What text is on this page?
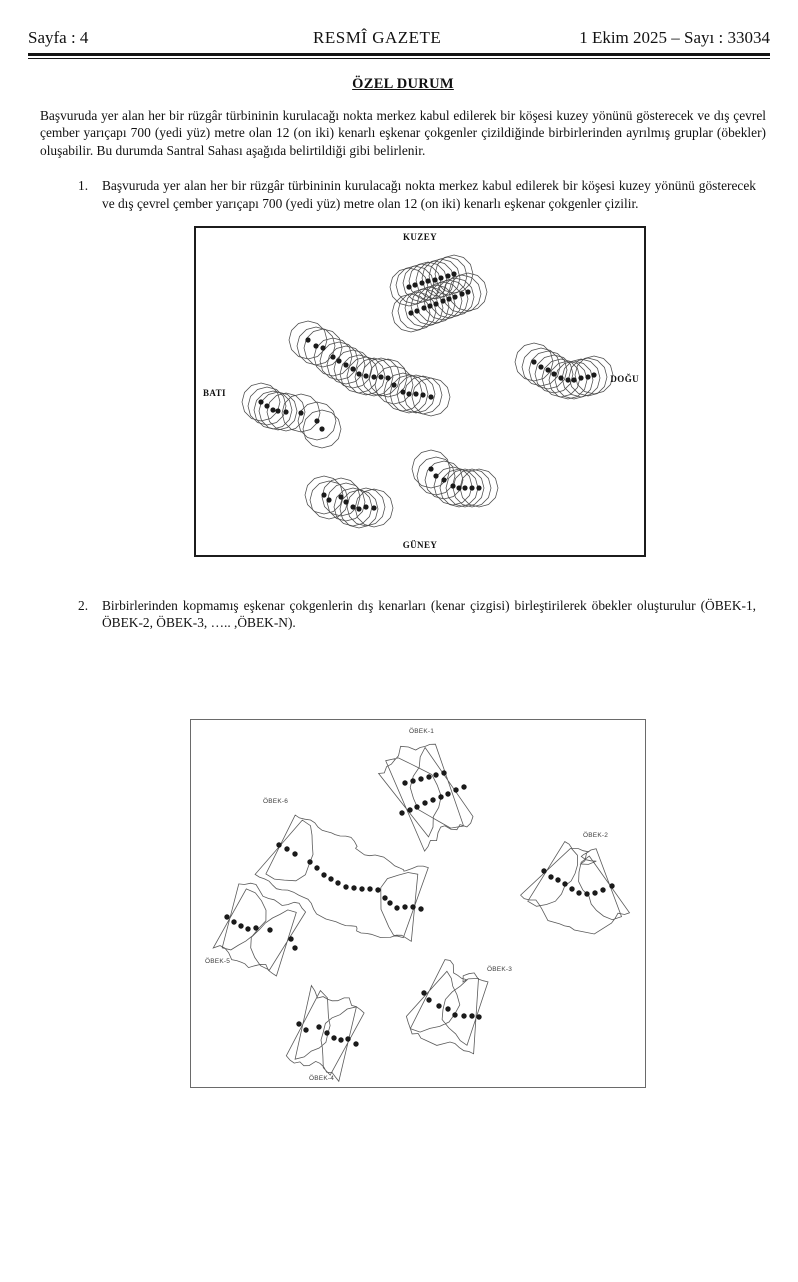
Sayfa : 4	RESMÎ GAZETE	1 Ekim 2025 – Sayı : 33034
ÖZEL DURUM

Başvuruda yer alan her bir rüzgâr türbininin kurulacağı nokta merkez kabul edilerek bir köşesi kuzey yönünü gösterecek ve dış çevrel çember yarıçapı 700 (yedi yüz) metre olan 12 (on iki) kenarlı eşkenar çokgenler çizildiğinde birbirlerinden ayrılmış gruplar (öbekler) oluşabilir. Bu durumda Santral Sahası aşağıda belirtildiği gibi belirlenir.

1.	Başvuruda yer alan her bir rüzgâr türbininin kurulacağı nokta merkez kabul edilerek bir köşesi kuzey yönünü gösterecek ve dış çevrel çember yarıçapı 700 (yedi yüz) metre olan 12 (on iki) kenarlı eşkenar çokgenler çizilir.
KUZEY
BATI
DOĞU
GÜNEY
2.	Birbirlerinden kopmamış eşkenar çokgenlerin dış kenarları (kenar çizgisi) birleştirilerek öbekler oluşturulur (ÖBEK-1, ÖBEK-2, ÖBEK-3, ….. ,ÖBEK-N).
ÖBEK-1
ÖBEK-6
ÖBEK-2
ÖBEK-5
ÖBEK-3
ÖBEK-4
